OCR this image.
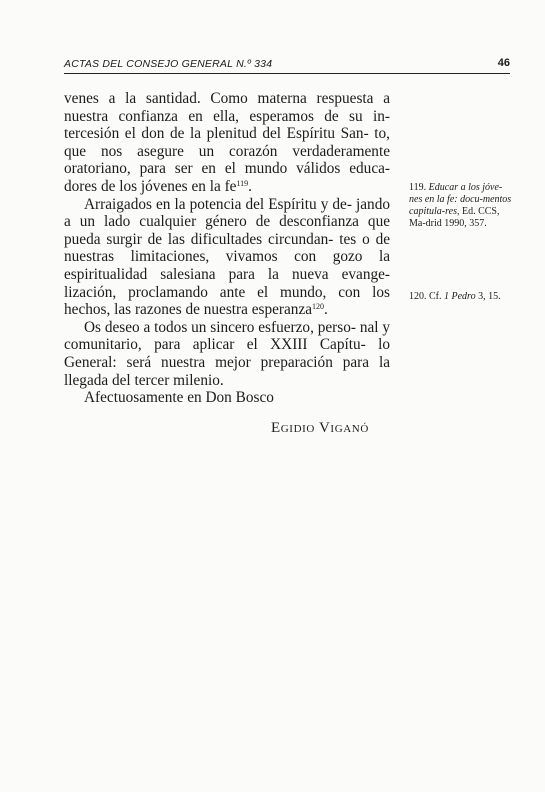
ACTAS DEL CONSEJO GENERAL N.º 334	46

venes a la santidad. Como materna respuesta a nuestra confianza en ella, esperamos de su in- tercesión el don de la plenitud del Espíritu San- to, que nos asegure un corazón verdaderamente oratoriano, para ser en el mundo válidos educa- dores de los jóvenes en la $fe^{119}$.

Arraigados en la potencia del Espíritu y de- jando a un lado cualquier género de desconfianza que pueda surgir de las dificultades circundan- tes o de nuestras limitaciones, vivamos con gozo la espiritualidad salesiana para la nueva evange- lización, proclamando ante el mundo, con los hechos, las razones de nuestra esperanza$^{120}$.

Os deseo a todos un sincero esfuerzo, perso- nal y comunitario, para aplicar el XXIII Capítu- lo General: será nuestra mejor preparación para la llegada del tercer milenio.

Afectuosamente en Don Bosco

Egidio Viganó
119. Educar a los jóve-nes en la fe: docu-mentos capitula-res, Ed. CCS, Ma-drid 1990, 357.
120. Cf. 1 Pedro 3, 15.
